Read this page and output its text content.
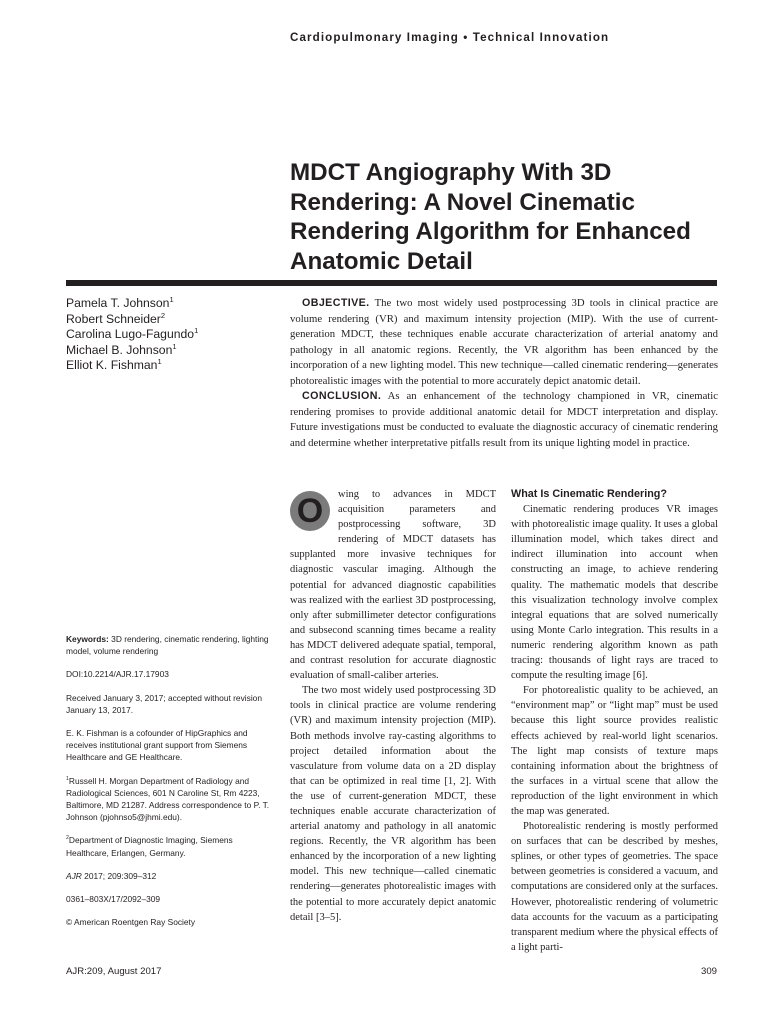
Cardiopulmonary Imaging • Technical Innovation
MDCT Angiography With 3D Rendering: A Novel Cinematic Rendering Algorithm for Enhanced Anatomic Detail
Pamela T. Johnson$^1$
Robert Schneider$^2$
Carolina Lugo-Fagundo$^1$
Michael B. Johnson$^1$
Elliot K. Fishman$^1$

OBJECTIVE. The two most widely used postprocessing 3D tools in clinical practice are volume rendering (VR) and maximum intensity projection (MIP). With the use of current-generation MDCT, these techniques enable accurate characterization of arterial anatomy and pathology in all anatomic regions. Recently, the VR algorithm has been enhanced by the incorporation of a new lighting model. This new technique—called cinematic rendering—generates photorealistic images with the potential to more accurately depict anatomic detail.

CONCLUSION. As an enhancement of the technology championed in VR, cinematic rendering promises to provide additional anatomic detail for MDCT interpretation and display. Future investigations must be conducted to evaluate the diagnostic accuracy of cinematic rendering and determine whether interpretative pitfalls result from its unique lighting model in practice.

Keywords: 3D rendering, cinematic rendering, lighting model, volume rendering

DOI:10.2214/AJR.17.17903

Received January 3, 2017; accepted without revision January 13, 2017.

E. K. Fishman is a cofounder of HipGraphics and receives institutional grant support from Siemens Healthcare and GE Healthcare.

$^1$Russell H. Morgan Department of Radiology and Radiological Sciences, 601 N Caroline St, Rm 4223, Baltimore, MD 21287. Address correspondence to P. T. Johnson (pjohnso5@jhmi.edu).

$^2$Department of Diagnostic Imaging, Siemens Healthcare, Erlangen, Germany.

AJR 2017; 209:309–312

0361–803X/17/2092–309

© American Roentgen Ray Society

O	wing to advances in MDCT acquisition parameters and postprocessing software, 3D rendering of MDCT datasets has supplanted more invasive techniques for diagnostic vascular imaging. Although the potential for advanced diagnostic capabilities was realized with the earliest 3D postprocessing, only after submillimeter detector configurations and subsecond scanning times became a reality has MDCT delivered adequate spatial, temporal, and contrast resolution for accurate diagnostic evaluation of small-caliber arteries.

The two most widely used postprocessing 3D tools in clinical practice are volume rendering (VR) and maximum intensity projection (MIP). Both methods involve ray-casting algorithms to project detailed information about the vasculature from volume data on a 2D display that can be optimized in real time [1, 2]. With the use of current-generation MDCT, these techniques enable accurate characterization of arterial anatomy and pathology in all anatomic regions. Recently, the VR algorithm has been enhanced by the incorporation of a new lighting model. This new technique—called cinematic rendering—generates photorealistic images with the potential to more accurately depict anatomic detail [3–5].

What Is Cinematic Rendering?

Cinematic rendering produces VR images with photorealistic image quality. It uses a global illumination model, which takes direct and indirect illumination into account when constructing an image, to achieve rendering quality. The mathematic models that describe this visualization technology involve complex integral equations that are solved numerically using Monte Carlo integration. This results in a numeric rendering algorithm known as path tracing: thousands of light rays are traced to compute the resulting image [6].

For photorealistic quality to be achieved, an “environment map” or “light map” must be used because this light source provides realistic effects achieved by real-world light scenarios. The light map consists of texture maps containing information about the brightness of the surfaces in a virtual scene that allow the reproduction of the light environment in which the map was generated.

Photorealistic rendering is mostly performed on surfaces that can be described by meshes, splines, or other types of geometries. The space between geometries is considered a vacuum, and computations are considered only at the surfaces. However, photorealistic rendering of volumetric data accounts for the vacuum as a participating transparent medium where the physical effects of a light parti-

AJR:209, August 2017	309
